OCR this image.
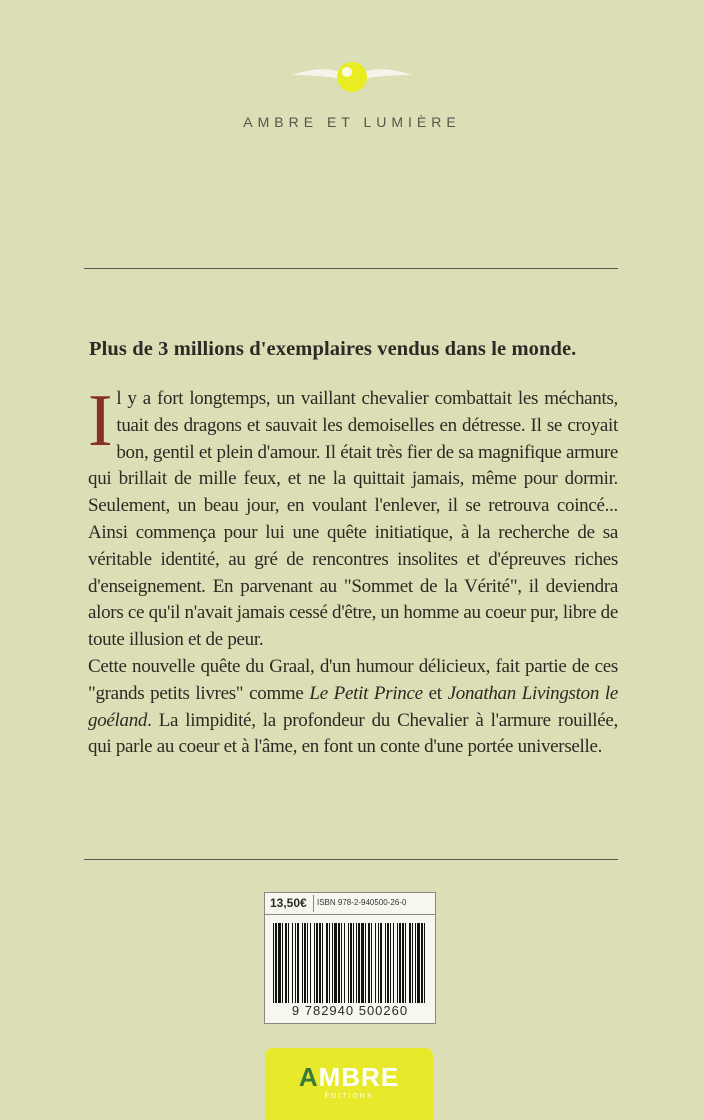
AMBRE ET LUMIÈRE
Plus de 3 millions d'exemplaires vendus dans le monde.

Il y a fort longtemps, un vaillant chevalier combattait les méchants, tuait des dragons et sauvait les demoiselles en détresse. Il se croyait bon, gentil et plein d'amour. Il était très fier de sa magnifique armure qui brillait de mille feux, et ne la quittait jamais, même pour dormir. Seulement, un beau jour, en voulant l'enlever, il se retrouva coincé... Ainsi commença pour lui une quête initiatique, à la recherche de sa véritable identité, au gré de rencontres insolites et d'épreuves riches d'enseignement. En parvenant au "Sommet de la Vérité", il deviendra alors ce qu'il n'avait jamais cessé d'être, un homme au coeur pur, libre de toute illusion et de peur.

Cette nouvelle quête du Graal, d'un humour délicieux, fait partie de ces "grands petits livres" comme Le Petit Prince et Jonathan Livingston le goéland. La limpidité, la profondeur du Chevalier à l'armure rouillée, qui parle au coeur et à l'âme, en font un conte d'une portée universelle.

13,50€ ISBN 978-2-940500-26-0
9 782940 500260
AMBRE
ÉDITIONS
